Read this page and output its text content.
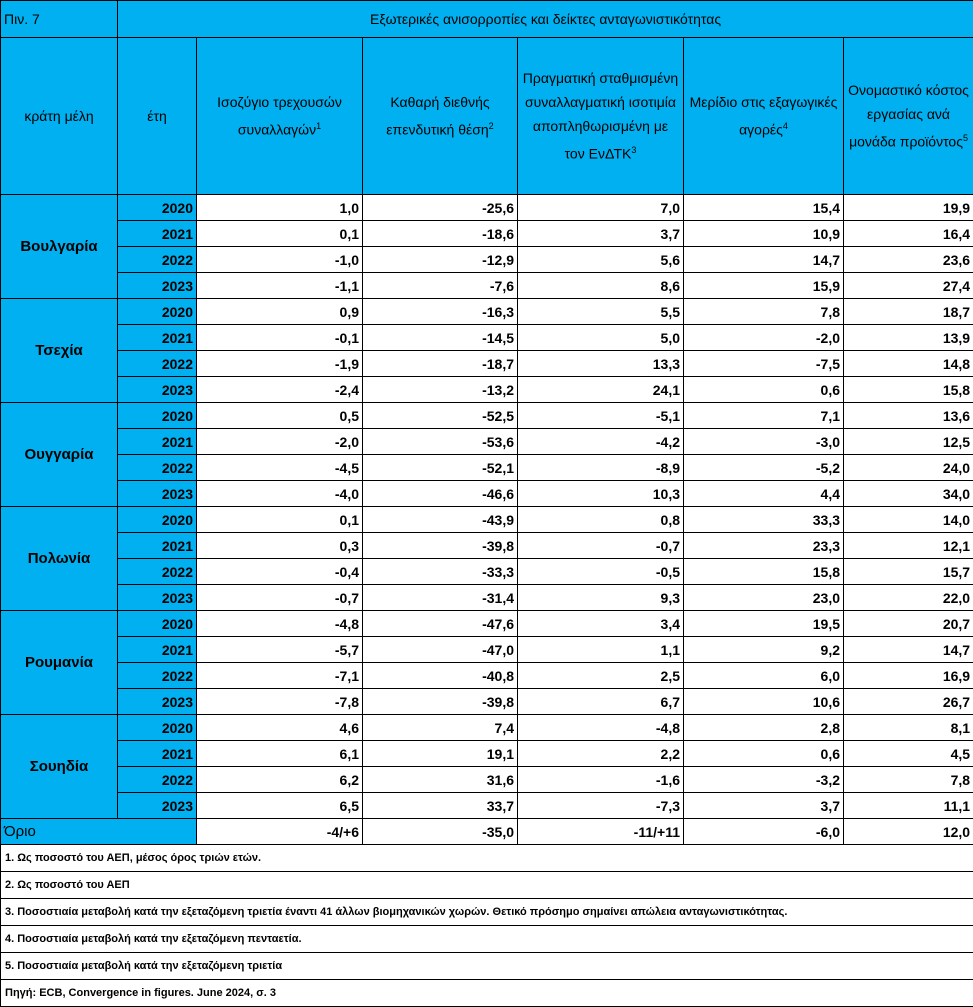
Πιν. 7	Εξωτερικές ανισορροπίες και δείκτες ανταγωνιστικότητας					
κράτη μέλη	έτη	Ισοζύγιο τρεχουσών συναλλαγών$^1$	Καθαρή διεθνής επενδυτική θέση$^2$	Πραγματική σταθμισμένη συναλλαγματική ισοτιμία αποπληθωρισμένη με τον ΕνΔΤΚ$^3$	Μερίδιο στις εξαγωγικές αγορές$^4$	Ονομαστικό κόστος εργασίας ανά μονάδα προϊόντος$^5$
Βουλγαρία	2020	1,0	-25,6	7,0	15,4	19,9
	2021	0,1	-18,6	3,7	10,9	16,4
	2022	-1,0	-12,9	5,6	14,7	23,6
	2023	-1,1	-7,6	8,6	15,9	27,4
Τσεχία	2020	0,9	-16,3	5,5	7,8	18,7
	2021	-0,1	-14,5	5,0	-2,0	13,9
	2022	-1,9	-18,7	13,3	-7,5	14,8
	2023	-2,4	-13,2	24,1	0,6	15,8
Ουγγαρία	2020	0,5	-52,5	-5,1	7,1	13,6
	2021	-2,0	-53,6	-4,2	-3,0	12,5
	2022	-4,5	-52,1	-8,9	-5,2	24,0
	2023	-4,0	-46,6	10,3	4,4	34,0
Πολωνία	2020	0,1	-43,9	0,8	33,3	14,0
	2021	0,3	-39,8	-0,7	23,3	12,1
	2022	-0,4	-33,3	-0,5	15,8	15,7
	2023	-0,7	-31,4	9,3	23,0	22,0
Ρουμανία	2020	-4,8	-47,6	3,4	19,5	20,7
	2021	-5,7	-47,0	1,1	9,2	14,7
	2022	-7,1	-40,8	2,5	6,0	16,9
	2023	-7,8	-39,8	6,7	10,6	26,7
Σουηδία	2020	4,6	7,4	-4,8	2,8	8,1
	2021	6,1	19,1	2,2	0,6	4,5
	2022	6,2	31,6	-1,6	-3,2	7,8
	2023	6,5	33,7	-7,3	3,7	11,1
Όριο		-4/+6	-35,0	-11/+11	-6,0	12,0
1. Ως ποσοστό του ΑΕΠ, μέσος όρος τριών ετών.						
2. Ως ποσοστό του ΑΕΠ						
3. Ποσοστιαία μεταβολή κατά την εξεταζόμενη τριετία έναντι 41 άλλων βιομηχανικών χωρών. Θετικό πρόσημο σημαίνει απώλεια ανταγωνιστικότητας.						
4. Ποσοστιαία μεταβολή κατά την εξεταζόμενη πενταετία.						
5. Ποσοστιαία μεταβολή κατά την εξεταζόμενη τριετία						
Πηγή: ECB, Convergence in figures. June 2024, σ. 3						
